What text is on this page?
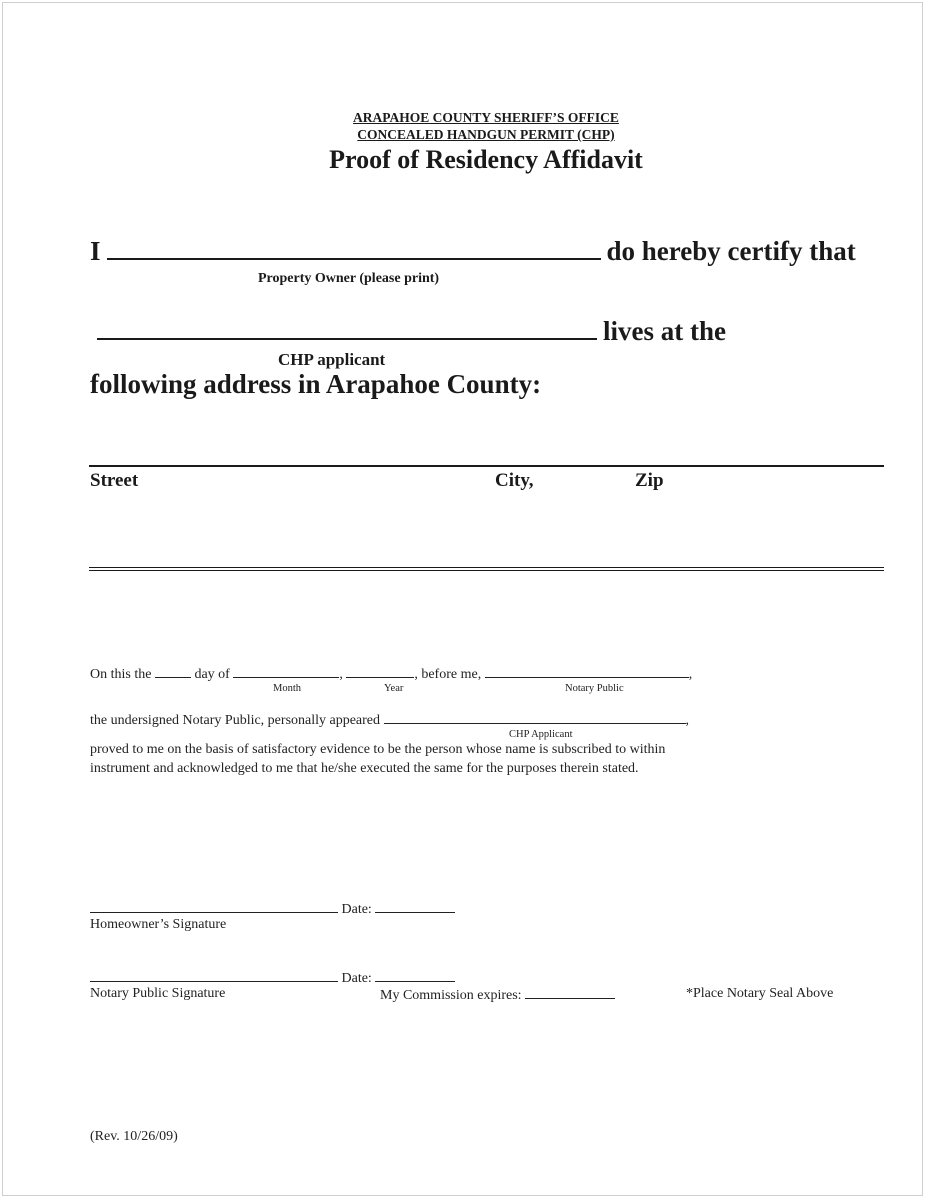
ARAPAHOE COUNTY SHERIFF’S OFFICE
CONCEALED HANDGUN PERMIT (CHP)
Proof of Residency Affidavit
I	do hereby certify that
Property Owner (please print)
lives at the
CHP applicant
following address in Arapahoe County:
Street	City,	Zip
On this the	day of	,	, before me,	,
Month	Year	Notary Public
the undersigned Notary Public, personally appeared	,
CHP Applicant
proved to me on the basis of satisfactory evidence to be the person whose name is subscribed to within
instrument and acknowledged to me that he/she executed the same for the purposes therein stated.
Date:
Homeowner’s Signature
Date:
Notary Public Signature	My Commission expires:	*Place Notary Seal Above
(Rev. 10/26/09)
